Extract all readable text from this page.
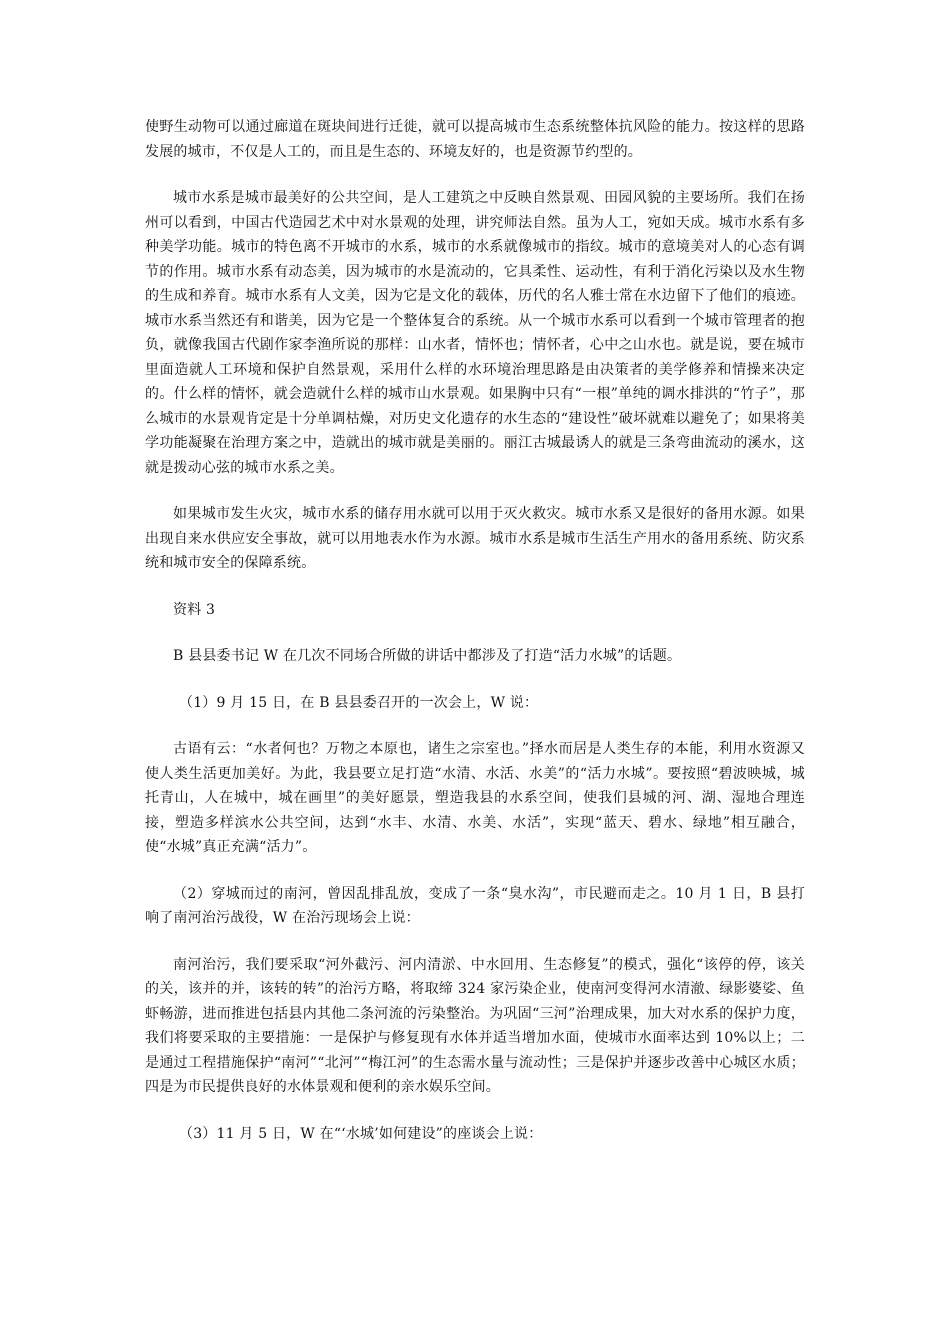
使野生动物可以通过廊道在斑块间进行迁徙，就可以提高城市生态系统整体抗风险的能力。按这样的思路发展的城市，不仅是人工的，而且是生态的、环境友好的，也是资源节约型的。

城市水系是城市最美好的公共空间，是人工建筑之中反映自然景观、田园风貌的主要场所。我们在扬州可以看到，中国古代造园艺术中对水景观的处理，讲究师法自然。虽为人工，宛如天成。城市水系有多种美学功能。城市的特色离不开城市的水系，城市的水系就像城市的指纹。城市的意境美对人的心态有调节的作用。城市水系有动态美，因为城市的水是流动的，它具柔性、运动性，有利于消化污染以及水生物的生成和养育。城市水系有人文美，因为它是文化的载体，历代的名人雅士常在水边留下了他们的痕迹。城市水系当然还有和谐美，因为它是一个整体复合的系统。从一个城市水系可以看到一个城市管理者的抱负，就像我国古代剧作家李渔所说的那样：山水者，情怀也；情怀者，心中之山水也。就是说，要在城市里面造就人工环境和保护自然景观，采用什么样的水环境治理思路是由决策者的美学修养和情操来决定的。什么样的情怀，就会造就什么样的城市山水景观。如果胸中只有“一根”单纯的调水排洪的“竹子”，那么城市的水景观肯定是十分单调枯燥，对历史文化遗存的水生态的“建设性”破坏就难以避免了；如果将美学功能凝聚在治理方案之中，造就出的城市就是美丽的。丽江古城最诱人的就是三条弯曲流动的溪水，这就是拨动心弦的城市水系之美。

如果城市发生火灾，城市水系的储存用水就可以用于灭火救灾。城市水系又是很好的备用水源。如果出现自来水供应安全事故，就可以用地表水作为水源。城市水系是城市生活生产用水的备用系统、防灾系统和城市安全的保障系统。

资料 3

B 县县委书记 W 在几次不同场合所做的讲话中都涉及了打造“活力水城”的话题。

（1）9 月 15 日，在 B 县县委召开的一次会上，W 说：

古语有云：“水者何也？万物之本原也，诸生之宗室也。”择水而居是人类生存的本能，利用水资源又使人类生活更加美好。为此，我县要立足打造“水清、水活、水美”的“活力水城”。要按照“碧波映城，城托青山，人在城中，城在画里”的美好愿景，塑造我县的水系空间，使我们县城的河、湖、湿地合理连接，塑造多样滨水公共空间，达到“水丰、水清、水美、水活”，实现“蓝天、碧水、绿地”相互融合，使“水城”真正充满“活力”。

（2）穿城而过的南河，曾因乱排乱放，变成了一条“臭水沟”，市民避而走之。10 月 1 日，B 县打响了南河治污战役，W 在治污现场会上说：

南河治污，我们要采取“河外截污、河内清淤、中水回用、生态修复”的模式，强化“该停的停，该关的关，该并的并，该转的转”的治污方略，将取缔 324 家污染企业，使南河变得河水清澈、绿影婆娑、鱼虾畅游，进而推进包括县内其他二条河流的污染整治。为巩固“三河”治理成果，加大对水系的保护力度，我们将要采取的主要措施：一是保护与修复现有水体并适当增加水面，使城市水面率达到 10%以上；二是通过工程措施保护“南河”“北河”“梅江河”的生态需水量与流动性；三是保护并逐步改善中心城区水质；四是为市民提供良好的水体景观和便利的亲水娱乐空间。

（3）11 月 5 日，W 在“‘水城’如何建设”的座谈会上说：
